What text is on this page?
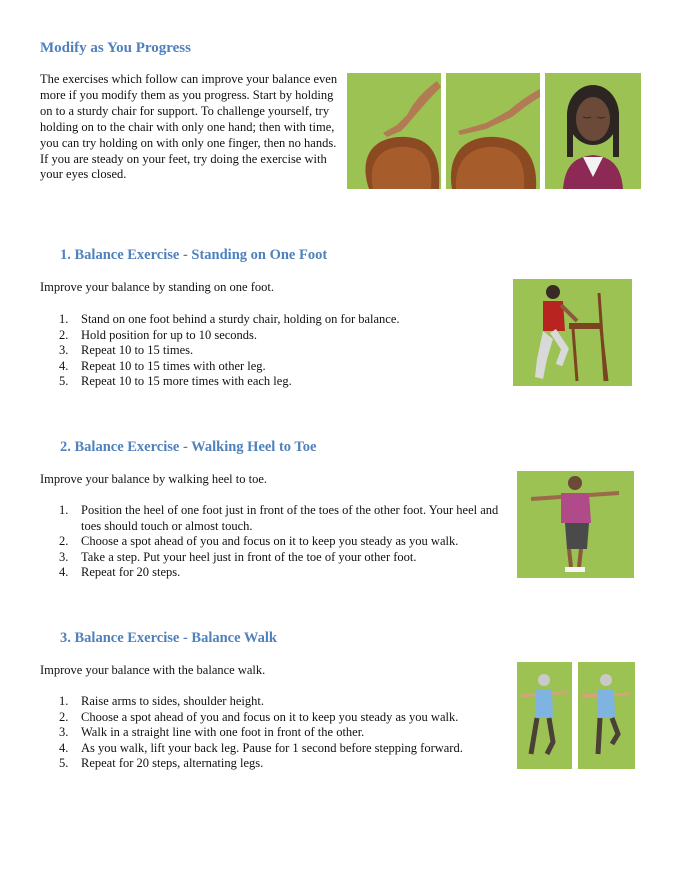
Modify as You Progress

The exercises which follow can improve your balance even more if you modify them as you progress. Start by holding on to a sturdy chair for support. To challenge yourself, try holding on to the chair with only one hand; then with time, you can try holding on with only one finger, then no hands. If you are steady on your feet, try doing the exercise with your eyes closed.

1. Balance Exercise - Standing on One Foot
Improve your balance by standing on one foot.
1. Stand on one foot behind a sturdy chair, holding on for balance.
2. Hold position for up to 10 seconds.
3. Repeat 10 to 15 times.
4. Repeat 10 to 15 times with other leg.
5. Repeat 10 to 15 more times with each leg.
2. Balance Exercise - Walking Heel to Toe
Improve your balance by walking heel to toe.
1. Position the heel of one foot just in front of the toes of the other foot. Your heel and toes should touch or almost touch.
2. Choose a spot ahead of you and focus on it to keep you steady as you walk.
3. Take a step. Put your heel just in front of the toe of your other foot.
4. Repeat for 20 steps.
3. Balance Exercise - Balance Walk
Improve your balance with the balance walk.
1. Raise arms to sides, shoulder height.
2. Choose a spot ahead of you and focus on it to keep you steady as you walk.
3. Walk in a straight line with one foot in front of the other.
4. As you walk, lift your back leg. Pause for 1 second before stepping forward.
5. Repeat for 20 steps, alternating legs.
